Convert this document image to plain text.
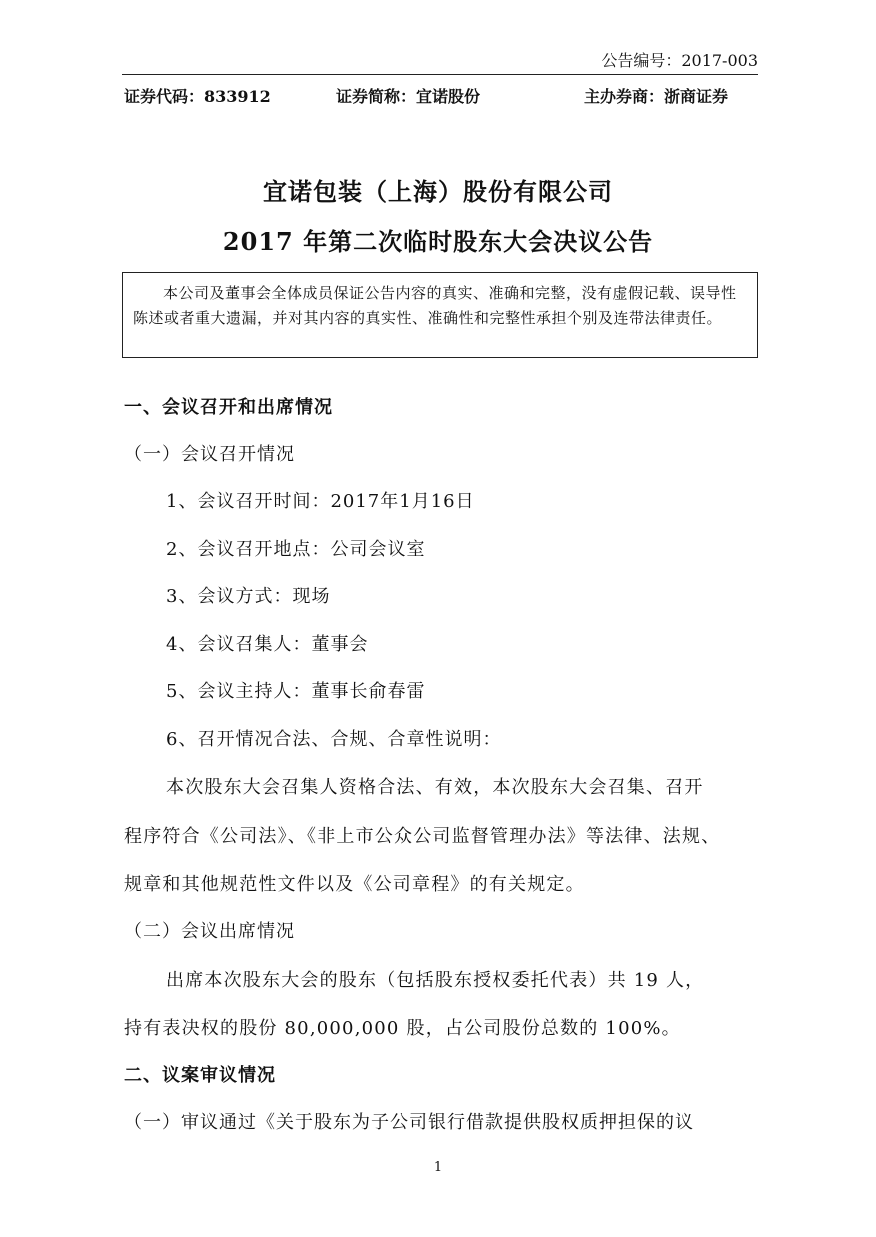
公告编号：2017-003
证券代码：833912	证券简称：宜诺股份	主办券商：浙商证券
宜诺包装（上海）股份有限公司
2017 年第二次临时股东大会决议公告
本公司及董事会全体成员保证公告内容的真实、准确和完整，没有虚假记载、误导性陈述或者重大遗漏，并对其内容的真实性、准确性和完整性承担个别及连带法律责任。
一、会议召开和出席情况
（一）会议召开情况
1、会议召开时间：2017年1月16日
2、会议召开地点：公司会议室
3、会议方式：现场
4、会议召集人：董事会
5、会议主持人：董事长俞春雷
6、召开情况合法、合规、合章性说明：
本次股东大会召集人资格合法、有效，本次股东大会召集、召开
程序符合《公司法》、《非上市公众公司监督管理办法》等法律、法规、
规章和其他规范性文件以及《公司章程》的有关规定。
（二）会议出席情况
出席本次股东大会的股东（包括股东授权委托代表）共 19 人，
持有表决权的股份 80,000,000 股，占公司股份总数的 100%。
二、议案审议情况
（一）审议通过《关于股东为子公司银行借款提供股权质押担保的议
1
